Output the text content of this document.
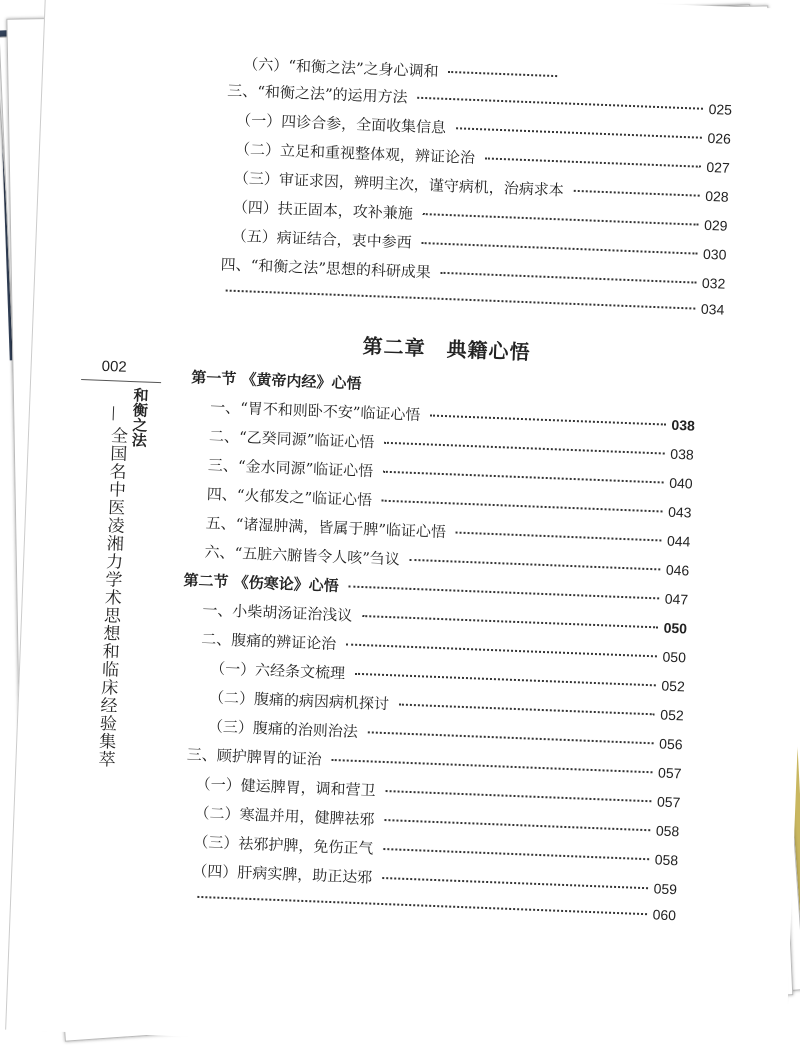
（六）“和衡之法”之身心调和
三、“和衡之法”的运用方法
025
（一）四诊合参，全面收集信息
026
（二）立足和重视整体观，辨证论治
027
（三）审证求因，辨明主次，谨守病机，治病求本	028
（四）扶正固本，攻补兼施
029
（五）病证结合，衷中参西
030
四、“和衡之法”思想的科研成果
032
034
第二章　典籍心悟
第一节 《黄帝内经》心悟
一、“胃不和则卧不安”临证心悟
038
二、“乙癸同源”临证心悟
038
三、“金水同源”临证心悟
040
四、“火郁发之”临证心悟
043
五、“诸湿肿满，皆属于脾”临证心悟	044
六、“五脏六腑皆令人咳”刍议
046
第二节 《伤寒论》心悟
047
一、小柴胡汤证治浅议
050
二、腹痛的辨证论治
050
（一）六经条文梳理
052
（二）腹痛的病因病机探讨
052
（三）腹痛的治则治法
056
三、顾护脾胃的证治
057
（一）健运脾胃，调和营卫
057
（二）寒温并用，健脾祛邪
058
（三）祛邪护脾，免伤正气
058
（四）肝病实脾，助正达邪
059
060
002
和衡之法
全国名中医凌湘力学术思想和临床经验集萃
